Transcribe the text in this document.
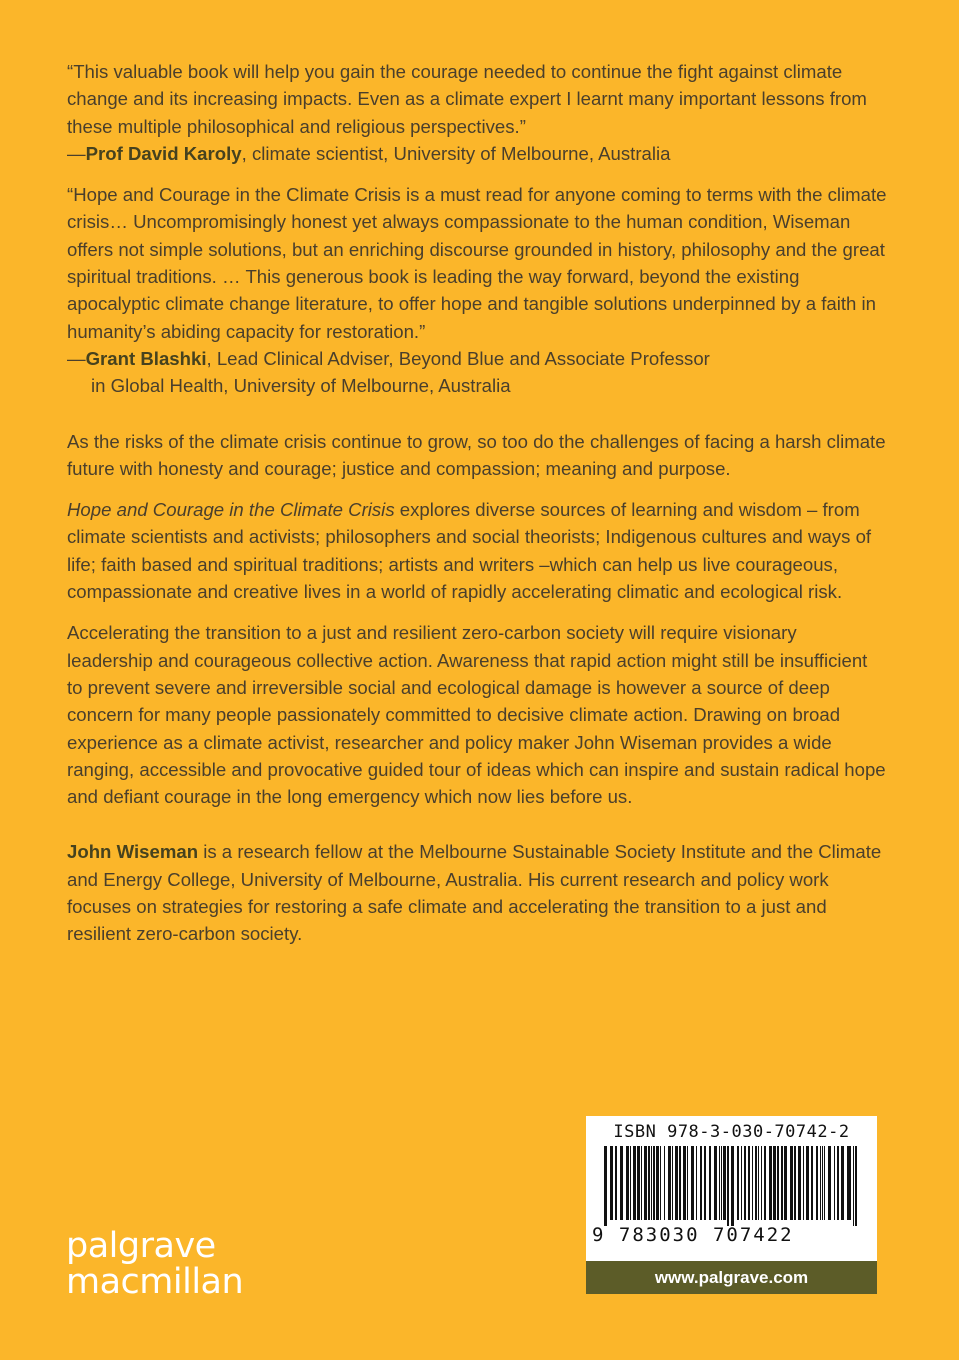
“This valuable book will help you gain the courage needed to continue the fight against climate change and its increasing impacts. Even as a climate expert I learnt many important lessons from these multiple philosophical and religious perspectives.”

—Prof David Karoly, climate scientist, University of Melbourne, Australia

“Hope and Courage in the Climate Crisis is a must read for anyone coming to terms with the climate crisis… Uncompromisingly honest yet always compassionate to the human condition, Wiseman offers not simple solutions, but an enriching discourse grounded in history, philosophy and the great spiritual traditions. … This generous book is leading the way forward, beyond the existing apocalyptic climate change literature, to offer hope and tangible solutions underpinned by a faith in humanity’s abiding capacity for restoration.”

—Grant Blashki, Lead Clinical Adviser, Beyond Blue and Associate Professor
in Global Health, University of Melbourne, Australia

As the risks of the climate crisis continue to grow, so too do the challenges of facing a harsh climate future with honesty and courage; justice and compassion; meaning and purpose.

Hope and Courage in the Climate Crisis explores diverse sources of learning and wisdom – from climate scientists and activists; philosophers and social theorists; Indigenous cultures and ways of life; faith based and spiritual traditions; artists and writers –which can help us live courageous, compassionate and creative lives in a world of rapidly accelerating climatic and ecological risk.

Accelerating the transition to a just and resilient zero-carbon society will require visionary leadership and courageous collective action. Awareness that rapid action might still be insufficient to prevent severe and irreversible social and ecological damage is however a source of deep concern for many people passionately committed to decisive climate action. Drawing on broad experience as a climate activist, researcher and policy maker John Wiseman provides a wide ranging, accessible and provocative guided tour of ideas which can inspire and sustain radical hope and defiant courage in the long emergency which now lies before us.

John Wiseman is a research fellow at the Melbourne Sustainable Society Institute and the Climate and Energy College, University of Melbourne, Australia. His current research and policy work focuses on strategies for restoring a safe climate and accelerating the transition to a just and resilient zero-carbon society.

palgrave
macmillan
ISBN 978-3-030-70742-2
9 783030 707422
www.palgrave.com
